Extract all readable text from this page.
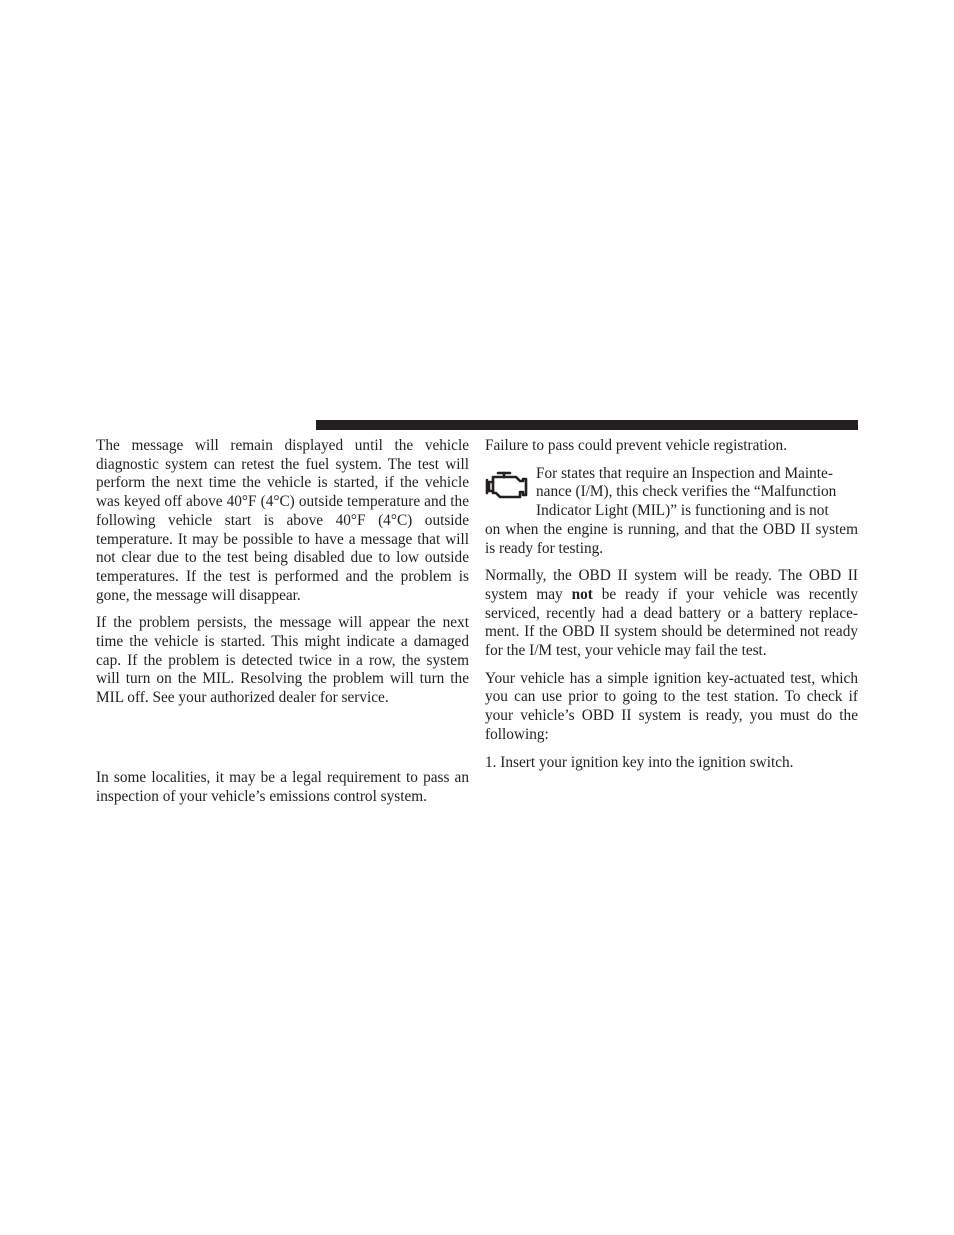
The message will remain displayed until the vehicle diagnostic system can retest the fuel system. The test will perform the next time the vehicle is started, if the vehicle was keyed off above 40°F (4°C) outside temperature and the following vehicle start is above 40°F (4°C) outside temperature. It may be possible to have a message that will not clear due to the test being disabled due to low outside temperatures. If the test is performed and the problem is gone, the message will disappear.

If the problem persists, the message will appear the next time the vehicle is started. This might indicate a damaged cap. If the problem is detected twice in a row, the system will turn on the MIL. Resolving the problem will turn the MIL off. See your authorized dealer for service.

In some localities, it may be a legal requirement to pass an inspection of your vehicle’s emissions control system.

Failure to pass could prevent vehicle registration.

For states that require an Inspection and Mainte-

nance (I/M), this check verifies the “Malfunction

Indicator Light (MIL)” is functioning and is not

on when the engine is running, and that the OBD II system is ready for testing.

Normally, the OBD II system will be ready. The OBD II system may not be ready if your vehicle was recently serviced, recently had a dead battery or a battery replace- ment. If the OBD II system should be determined not ready for the I/M test, your vehicle may fail the test.

Your vehicle has a simple ignition key-actuated test, which you can use prior to going to the test station. To check if your vehicle’s OBD II system is ready, you must do the following:

1. Insert your ignition key into the ignition switch.
